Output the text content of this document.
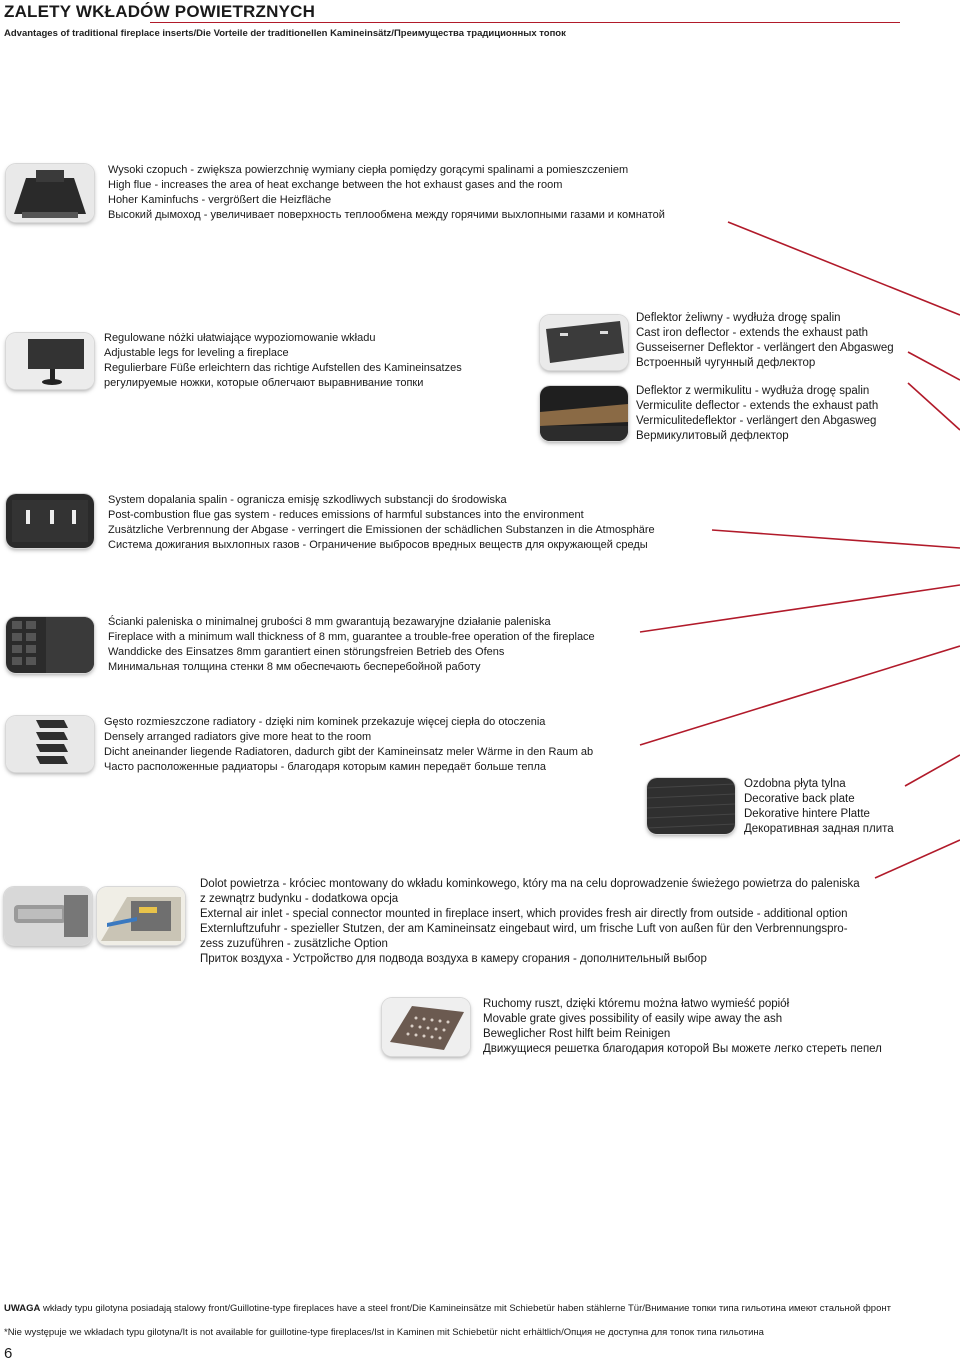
ZALETY WKŁADÓW POWIETRZNYCH
Advantages of traditional fireplace inserts/Die Vorteile der traditionellen Kamineinsätz/Преимущества традиционных топок
Wysoki czopuch - zwiększa powierzchnię wymiany ciepła pomiędzy gorącymi spalinami a pomieszczeniem
High flue - increases the area of heat exchange between the hot exhaust gases and the room
Hoher Kaminfuchs - vergrößert die Heizfläche
Высокий дымоход - увеличивает поверхность теплообмена между горячими выхлопными газами и комнатой
Regulowane nóżki ułatwiające wypoziomowanie wkładu
Adjustable legs for leveling a fireplace
Regulierbare Füße erleichtern das richtige Aufstellen des Kamineinsatzes
регулируемые ножки, которые облегчают выравнивание топки
Deflektor żeliwny - wydłuża drogę spalin
Cast iron deflector - extends the exhaust path
Gusseiserner Deflektor - verlängert den Abgasweg
Встроенный чугунный дефлектор
Deflektor z wermikulitu - wydłuża drogę spalin
Vermiculite deflector - extends the exhaust path
Vermiculitedeflektor - verlängert den Abgasweg
Вермикулитовый дефлектор
System dopalania spalin - ogranicza emisję szkodliwych substancji do środowiska
Post-combustion flue gas system - reduces emissions of harmful substances into the environment
Zusätzliche Verbrennung der Abgase - verringert die Emissionen der schädlichen Substanzen in die Atmosphäre
Система дожигания выхлопных газов - Ограничение выбросов вредных веществ для окружающей среды
Ścianki paleniska o minimalnej grubości 8 mm gwarantują bezawaryjne działanie paleniska
Fireplace with a minimum wall thickness of 8 mm, guarantee a trouble-free operation of the fireplace
Wanddicke des Einsatzes 8mm garantiert einen störungsfreien Betrieb des Ofens
Минимальная толщина стенки 8 мм обеспечають бесперебойной работу
Gęsto rozmieszczone radiatory - dzięki nim kominek przekazuje więcej ciepła do otoczenia
Densely arranged radiators give more heat to the room
Dicht aneinander liegende Radiatoren, dadurch gibt der Kamineinsatz meler Wärme in den Raum ab
Часто расположенные радиаторы - благодаря которым камин передаёт больше тепла
Ozdobna płyta tylna
Decorative back plate
Dekorative hintere Platte
Декоративная задная плита
Dolot powietrza - króciec montowany do wkładu kominkowego, który ma na celu doprowadzenie świeżego powietrza do paleniska
z zewnątrz budynku - dodatkowa opcja
External air inlet - special connector mounted in fireplace insert, which provides fresh air directly from outside - additional option
Externluftzufuhr - spezieller Stutzen, der am Kamineinsatz eingebaut wird, um frische Luft von außen für den Verbrennungspro-
zess zuzuführen - zusätzliche Option
Приток воздуха - Устройство для подвода воздуха в камеру сгорания - дополнительный выбор
Ruchomy ruszt, dzięki któremu można łatwo wymieść popiół
Movable grate gives possibility of easily wipe away the ash
Beweglicher Rost hilft beim Reinigen
Движущиеся решетка благодария которой Вы можете легко стереть пепел
UWAGA wkłady typu gilotyna posiadają stalowy front/Guillotine-type fireplaces have a steel front/Die Kamineinsätze mit Schiebetür haben stählerne Tür/Внимание топки типа гильотина имеют стальной фронт
*Nie występuje we wkładach typu gilotyna/It is not available for guillotine-type fireplaces/Ist in Kaminen mit Schiebetür nicht erhältlich/Опция не доступна для топок типа гильотина
6
